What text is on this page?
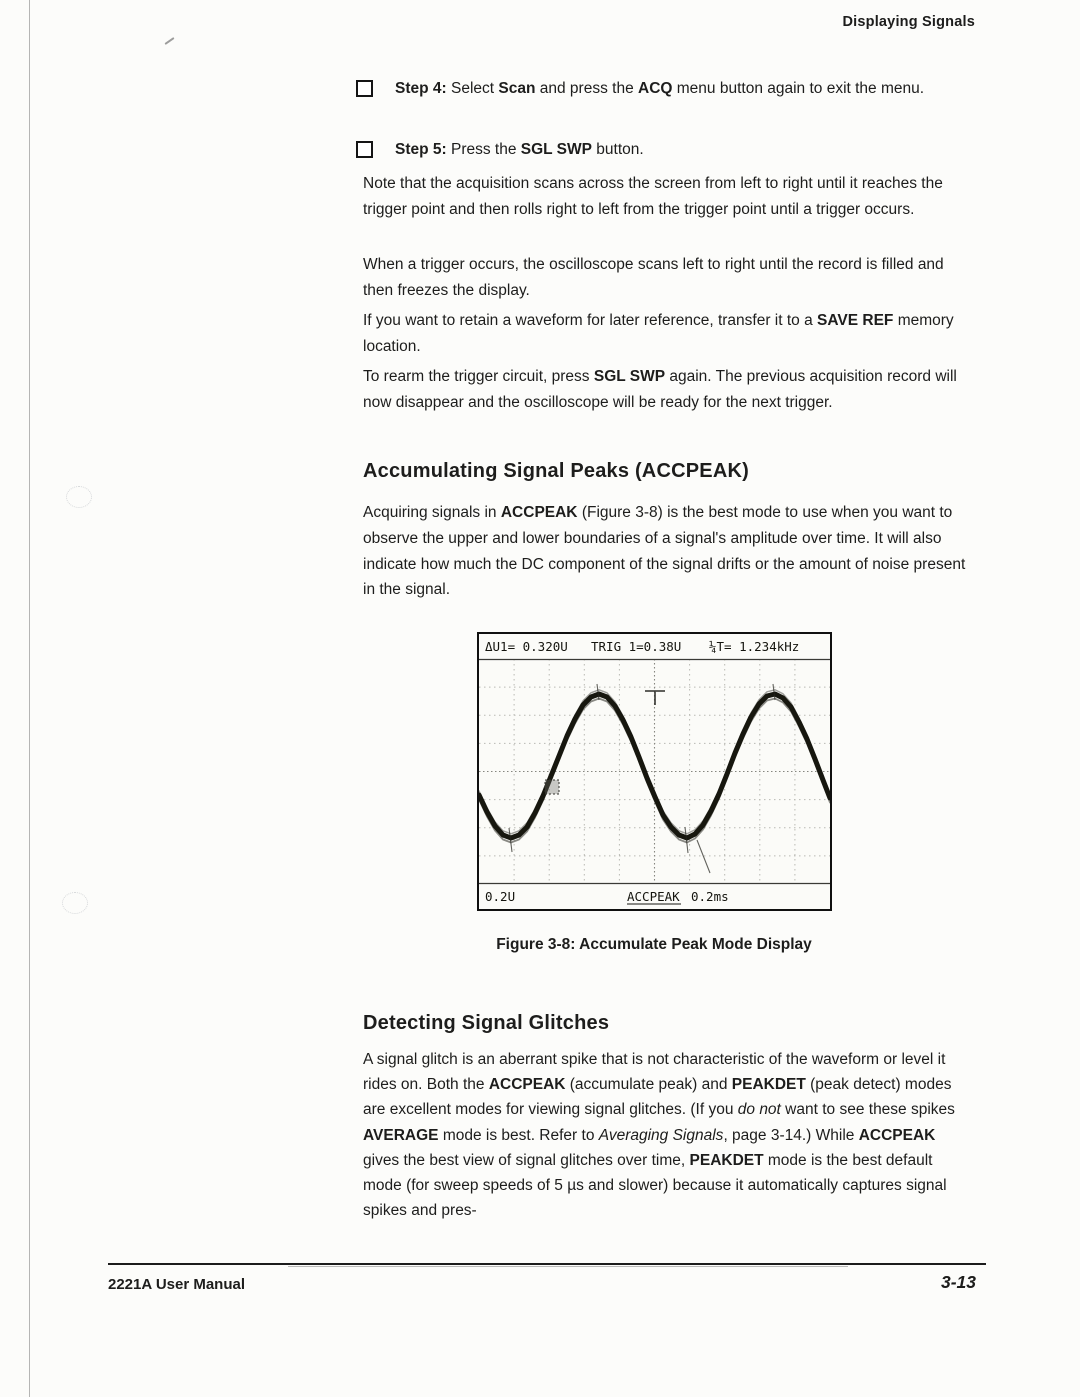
Displaying Signals
Step 4: Select Scan and press the ACQ menu button again to exit the menu.
Step 5: Press the SGL SWP button.

Note that the acquisition scans across the screen from left to right until it reaches the trigger point and then rolls right to left from the trigger point until a trigger occurs.

When a trigger occurs, the oscilloscope scans left to right until the record is filled and then freezes the display.

If you want to retain a waveform for later reference, transfer it to a SAVE REF memory location.

To rearm the trigger circuit, press SGL SWP again. The previous acquisition record will now disappear and the oscilloscope will be ready for the next trigger.

Accumulating Signal Peaks (ACCPEAK)

Acquiring signals in ACCPEAK (Figure 3-8) is the best mode to use when you want to observe the upper and lower boundaries of a signal's amplitude over time. It will also indicate how much the DC component of the signal drifts or the amount of noise present in the signal.

ΔU1= 0.320U TRIG 1=0.38U ¼T= 1.234kHz
0.2U	ACCPEAK 0.2ms
Figure 3-8: Accumulate Peak Mode Display
Detecting Signal Glitches

A signal glitch is an aberrant spike that is not characteristic of the waveform or level it rides on. Both the ACCPEAK (accumulate peak) and PEAKDET (peak detect) modes are excellent modes for viewing signal glitches. (If you do not want to see these spikes AVERAGE mode is best. Refer to Averaging Signals, page 3-14.) While ACCPEAK gives the best view of signal glitches over time, PEAKDET mode is the best default mode (for sweep speeds of 5 µs and slower) because it automatically captures signal spikes and pres-

2221A User Manual	3-13
